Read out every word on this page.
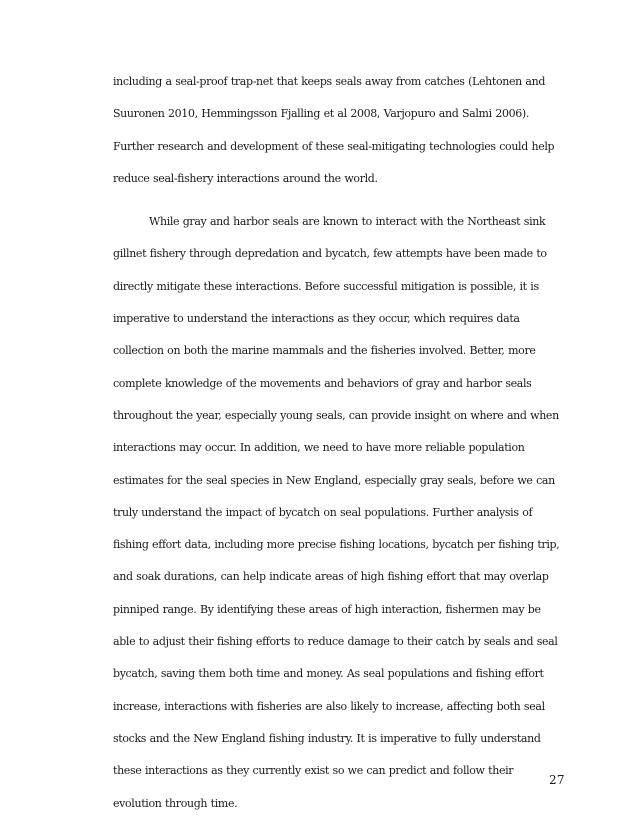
including a seal-proof trap-net that keeps seals away from catches (Lehtonen and
Suuronen 2010, Hemmingsson Fjalling et al 2008, Varjopuro and Salmi 2006).
Further research and development of these seal-mitigating technologies could help
reduce seal-fishery interactions around the world.
While gray and harbor seals are known to interact with the Northeast sink
gillnet fishery through depredation and bycatch, few attempts have been made to
directly mitigate these interactions. Before successful mitigation is possible, it is
imperative to understand the interactions as they occur, which requires data
collection on both the marine mammals and the fisheries involved. Better, more
complete knowledge of the movements and behaviors of gray and harbor seals
throughout the year, especially young seals, can provide insight on where and when
interactions may occur. In addition, we need to have more reliable population
estimates for the seal species in New England, especially gray seals, before we can
truly understand the impact of bycatch on seal populations. Further analysis of
fishing effort data, including more precise fishing locations, bycatch per fishing trip,
and soak durations, can help indicate areas of high fishing effort that may overlap
pinniped range. By identifying these areas of high interaction, fishermen may be
able to adjust their fishing efforts to reduce damage to their catch by seals and seal
bycatch, saving them both time and money. As seal populations and fishing effort
increase, interactions with fisheries are also likely to increase, affecting both seal
stocks and the New England fishing industry. It is imperative to fully understand
these interactions as they currently exist so we can predict and follow their
evolution through time.
27
